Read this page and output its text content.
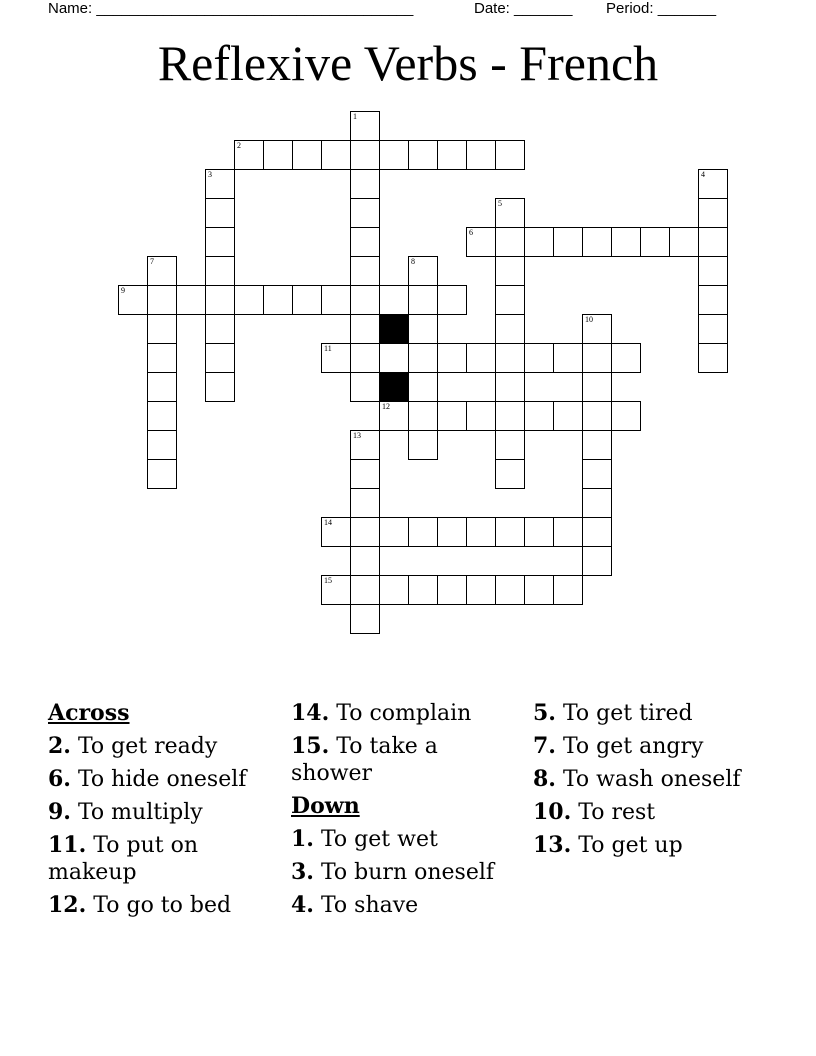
Name: ______________________________________	Date: _______ Period: _______
Reflexive Verbs - French
1
2
3	4
5
6
7	8
9
10
11
12
13
14
15
Across
2. To get ready
6. To hide oneself
9. To multiply
11. To put on makeup
12. To go to bed
14. To complain
15. To take a shower
Down
1. To get wet
3. To burn oneself
4. To shave
5. To get tired
7. To get angry
8. To wash oneself
10. To rest
13. To get up
